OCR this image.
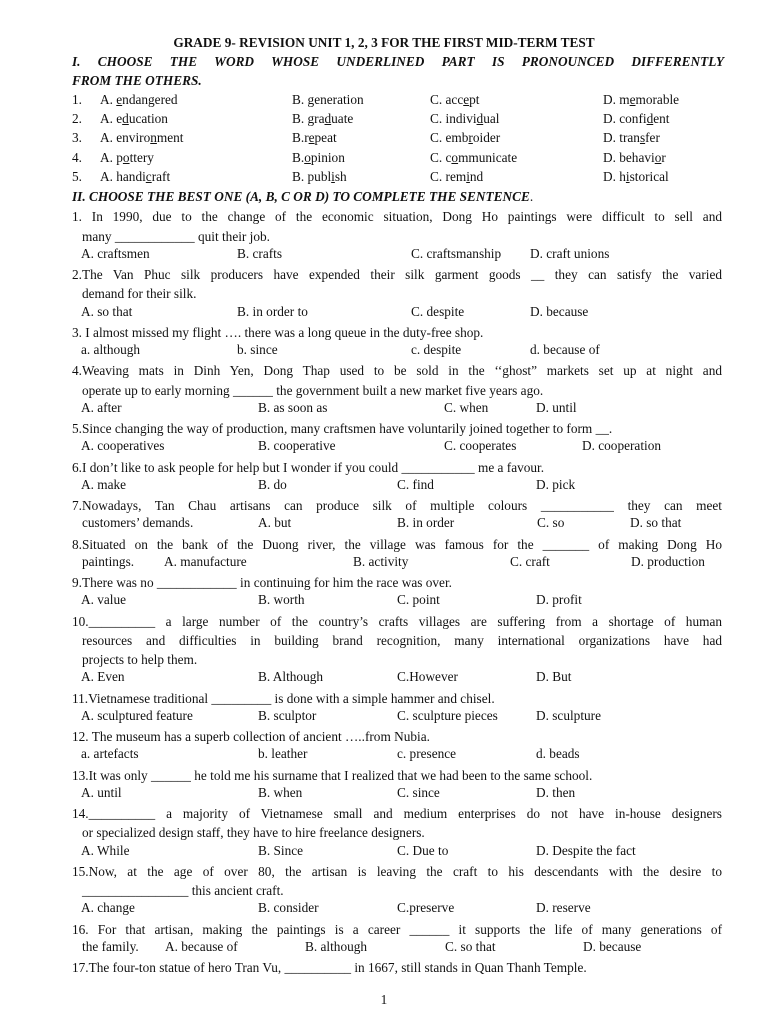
GRADE 9- REVISION UNIT 1, 2, 3 FOR THE FIRST MID-TERM TEST
I. CHOOSE THE WORD WHOSE UNDERLINED PART IS PRONOUNCED DIFFERENTLY
FROM THE OTHERS.
1. A. endangered	B. generation	C. accept	D. memorable
2. A. education	B. graduate	C. individual	D. confident
3. A. environment	B.repeat	C. embroider	D. transfer
4. A. pottery	B.opinion	C. communicate	D. behavior
5. A. handicraft	B. publish	C. remind	D. historical
II. CHOOSE THE BEST ONE (A, B, C OR D) TO COMPLETE THE SENTENCE.
1. In 1990, due to the change of the economic situation, Dong Ho paintings were difficult to sell and
many ____________ quit their job.
A. craftsmen	B. crafts	C. craftsmanship D. craft unions
2.The Van Phuc silk producers have expended their silk garment goods __ they can satisfy the varied
demand for their silk.
A. so that	B. in order to	C. despite	D. because
3. I almost missed my flight …. there was a long queue in the duty-free shop.
a. although	b. since	c. despite	d. because of
4.Weaving mats in Dinh Yen, Dong Thap used to be sold in the ‘‘ghost” markets set up at night and
operate up to early morning ______ the government built a new market five years ago.
A. after	B. as soon as	C. when	D. until
5.Since changing the way of production, many craftsmen have voluntarily joined together to form __.
A. cooperatives	B. cooperative	C. cooperates	D. cooperation
6.I don’t like to ask people for help but I wonder if you could ___________ me a favour.
A. make	B. do	C. find	D. pick
7.Nowadays, Tan Chau artisans can produce silk of multiple colours ___________ they can meet
customers’ demands.	A. but	B. in order	C. so	D. so that
8.Situated on the bank of the Duong river, the village was famous for the _______ of making Dong Ho
paintings. A. manufacture	B. activity	C. craft	D. production
9.There was no ____________ in continuing for him the race was over.
A. value	B. worth	C. point	D. profit
10.__________ a large number of the country’s crafts villages are suffering from a shortage of human
resources and difficulties in building brand recognition, many international organizations have had
projects to help them.
A. Even	B. Although	C.However	D. But
11.Vietnamese traditional _________ is done with a simple hammer and chisel.
A. sculptured feature	B. sculptor	C. sculpture pieces	D. sculpture
12. The museum has a superb collection of ancient …..from Nubia.
a. artefacts	b. leather	c. presence	d. beads
13.It was only ______ he told me his surname that I realized that we had been to the same school.
A. until	B. when	C. since	D. then
14.__________ a majority of Vietnamese small and medium enterprises do not have in-house designers
or specialized design staff, they have to hire freelance designers.
A. While	B. Since	C. Due to	D. Despite the fact
15.Now, at the age of over 80, the artisan is leaving the craft to his descendants with the desire to
________________ this ancient craft.
A. change	B. consider	C.preserve	D. reserve
16. For that artisan, making the paintings is a career ______ it supports the life of many generations of
the family. A. because of	B. although	C. so that	D. because
17.The four-ton statue of hero Tran Vu, __________ in 1667, still stands in Quan Thanh Temple.
1
